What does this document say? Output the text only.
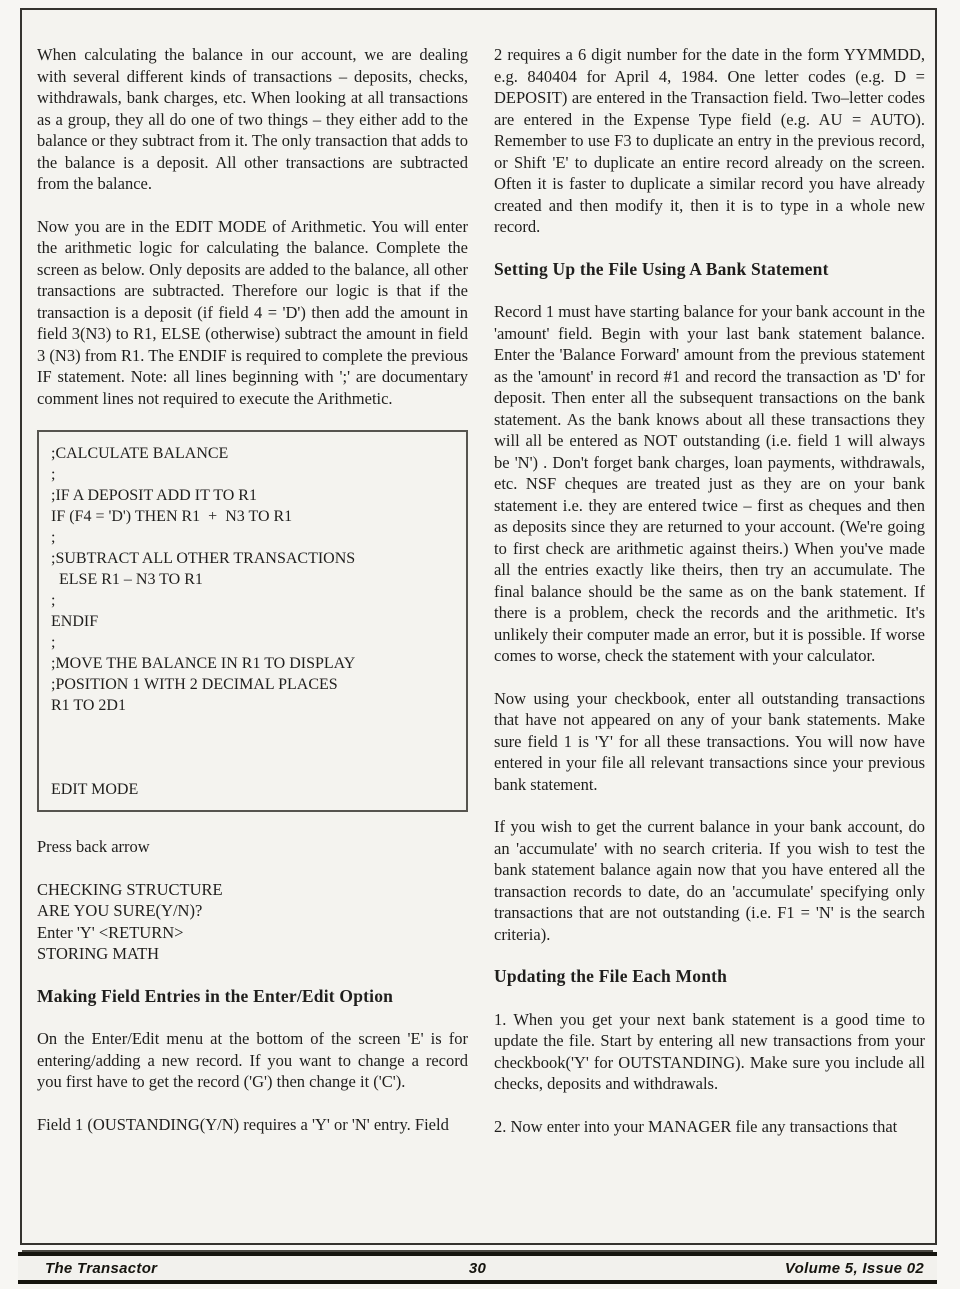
When calculating the balance in our account, we are dealing with several different kinds of transactions – deposits, checks, withdrawals, bank charges, etc. When looking at all transactions as a group, they all do one of two things – they either add to the balance or they subtract from it. The only transaction that adds to the balance is a deposit. All other transactions are subtracted from the balance.

Now you are in the EDIT MODE of Arithmetic. You will enter the arithmetic logic for calculating the balance. Complete the screen as below. Only deposits are added to the balance, all other transactions are subtracted. Therefore our logic is that if the transaction is a deposit (if field 4 = 'D') then add the amount in field 3(N3) to R1, ELSE (otherwise) subtract the amount in field 3 (N3) from R1. The ENDIF is required to complete the previous IF statement. Note: all lines beginning with ';' are documentary comment lines not required to execute the Arithmetic.

;CALCULATE BALANCE
;
;IF A DEPOSIT ADD IT TO R1
IF (F4 = 'D') THEN R1  +  N3 TO R1
;
;SUBTRACT ALL OTHER TRANSACTIONS
ELSE R1 – N3 TO R1
;
ENDIF
;
;MOVE THE BALANCE IN R1 TO DISPLAY
;POSITION 1 WITH 2 DECIMAL PLACES
R1 TO 2D1

EDIT MODE

Press back arrow

CHECKING STRUCTURE
ARE YOU SURE(Y/N)?
Enter 'Y' <RETURN>
STORING MATH
Making Field Entries in the Enter/Edit Option

On the Enter/Edit menu at the bottom of the screen 'E' is for entering/adding a new record. If you want to change a record you first have to get the record ('G') then change it ('C').

Field 1 (OUSTANDING(Y/N) requires a 'Y' or 'N' entry. Field

2 requires a 6 digit number for the date in the form YYMMDD, e.g. 840404 for April 4, 1984. One letter codes (e.g. D = DEPOSIT) are entered in the Transaction field. Two–letter codes are entered in the Expense Type field (e.g. AU = AUTO). Remember to use F3 to duplicate an entry in the previous record, or Shift 'E' to duplicate an entire record already on the screen. Often it is faster to duplicate a similar record you have already created and then modify it, then it is to type in a whole new record.

Setting Up the File Using A Bank Statement

Record 1 must have starting balance for your bank account in the 'amount' field. Begin with your last bank statement balance. Enter the 'Balance Forward' amount from the previous statement as the 'amount' in record #1 and record the transaction as 'D' for deposit. Then enter all the subsequent transactions on the bank statement. As the bank knows about all these transactions they will all be entered as NOT outstanding (i.e. field 1 will always be 'N') . Don't forget bank charges, loan payments, withdrawals, etc. NSF cheques are treated just as they are on your bank statement i.e. they are entered twice – first as cheques and then as deposits since they are returned to your account. (We're going to first check are arithmetic against theirs.) When you've made all the entries exactly like theirs, then try an accumulate. The final balance should be the same as on the bank statement. If there is a problem, check the records and the arithmetic. It's unlikely their computer made an error, but it is possible. If worse comes to worse, check the statement with your calculator.

Now using your checkbook, enter all outstanding transactions that have not appeared on any of your bank statements. Make sure field 1 is 'Y' for all these transactions. You will now have entered in your file all relevant transactions since your previous bank statement.

If you wish to get the current balance in your bank account, do an 'accumulate' with no search criteria. If you wish to test the bank statement balance again now that you have entered all the transaction records to date, do an 'accumulate' specifying only transactions that are not outstanding (i.e. F1 = 'N' is the search criteria).

Updating the File Each Month

1. When you get your next bank statement is a good time to update the file. Start by entering all new transactions from your checkbook('Y' for OUTSTANDING). Make sure you include all checks, deposits and withdrawals.

2. Now enter into your MANAGER file any transactions that

30
The Transactor	Volume 5, Issue 02
